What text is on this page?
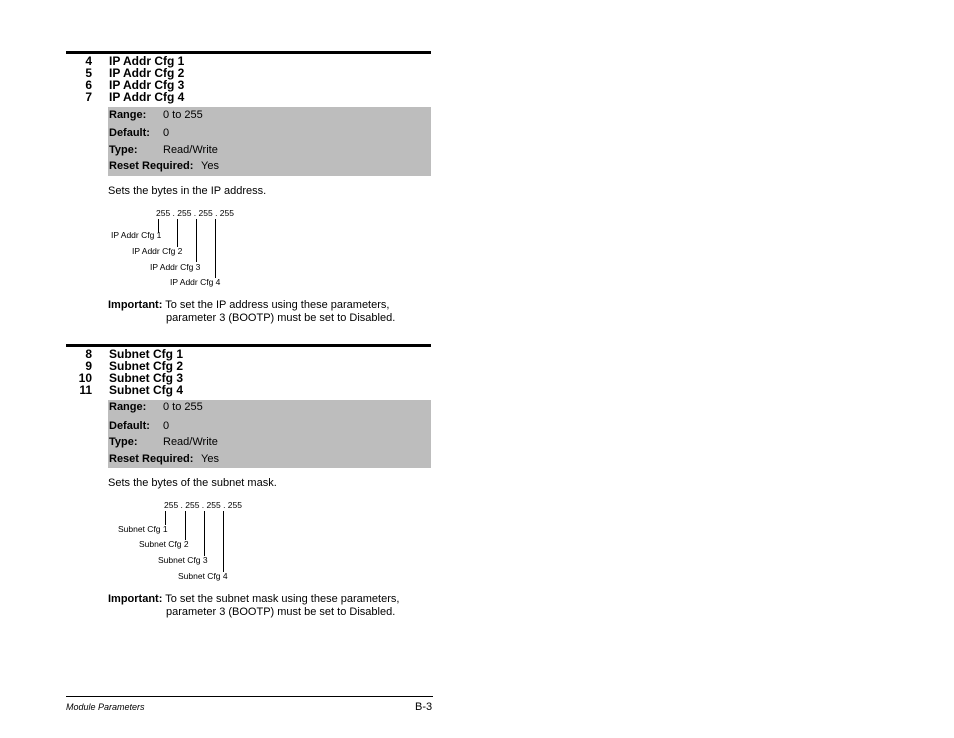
4 IP Addr Cfg 1
5 IP Addr Cfg 2
6 IP Addr Cfg 3
7 IP Addr Cfg 4
Range: 0 to 255
Default: 0
Type: Read/Write
Reset Required: Yes
Sets the bytes in the IP address.
255 . 255 . 255 . 255
IP Addr Cfg 1
IP Addr Cfg 2
IP Addr Cfg 3
IP Addr Cfg 4
Important: To set the IP address using these parameters,
parameter 3 (BOOTP) must be set to Disabled.
8 Subnet Cfg 1
9 Subnet Cfg 2
10 Subnet Cfg 3
11 Subnet Cfg 4
Range: 0 to 255
Default: 0
Type: Read/Write
Reset Required: Yes
Sets the bytes of the subnet mask.
255 . 255 . 255 . 255
Subnet Cfg 1
Subnet Cfg 2
Subnet Cfg 3
Subnet Cfg 4
Important: To set the subnet mask using these parameters,
parameter 3 (BOOTP) must be set to Disabled.
Module Parameters	B-3
